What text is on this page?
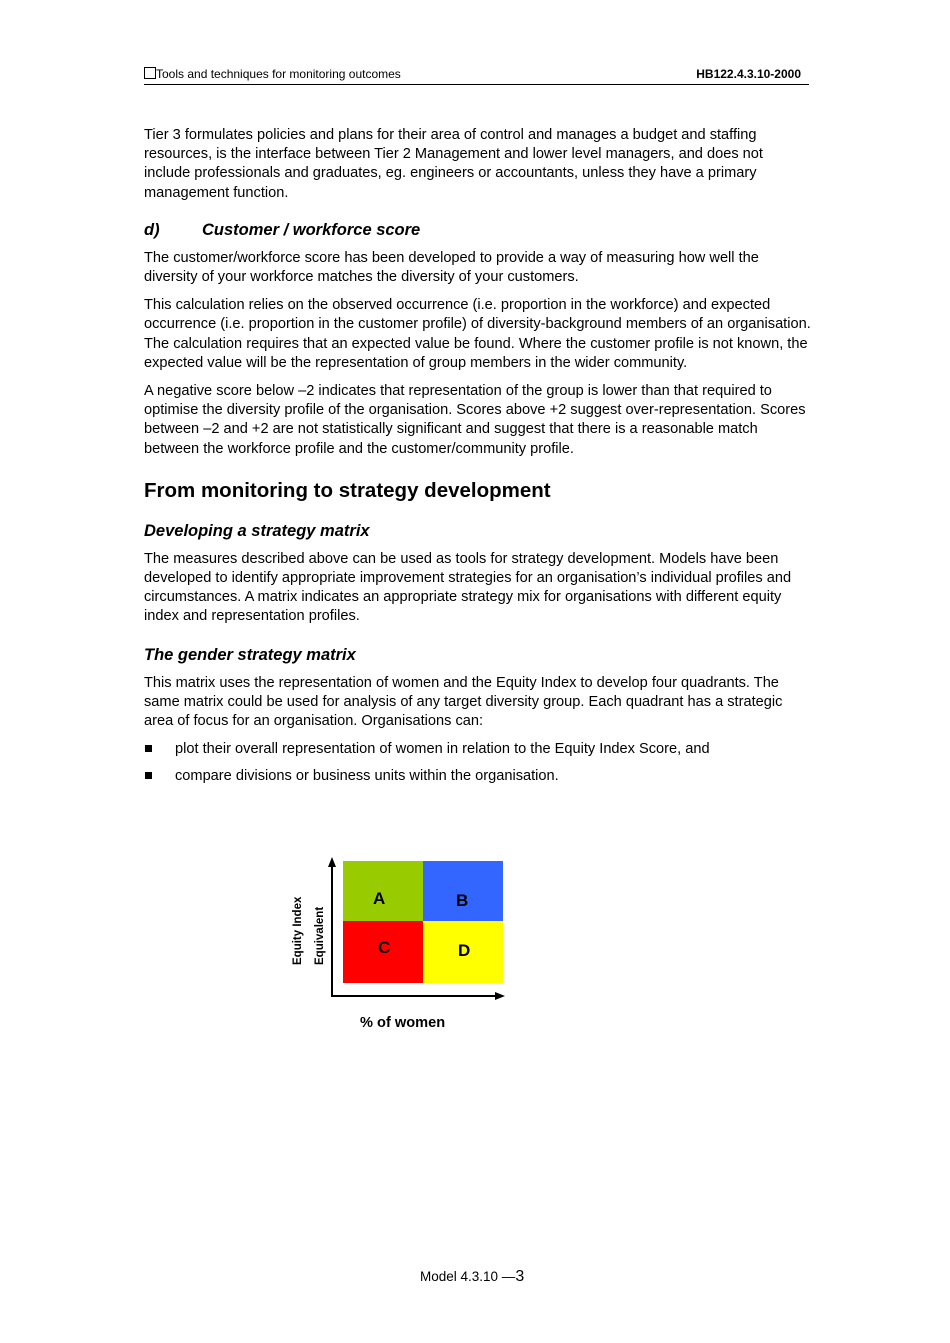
Tools and techniques for monitoring outcomes	HB122.4.3.10-2000

Tier 3 formulates policies and plans for their area of control and manages a budget and staffing resources, is the interface between Tier 2 Management and lower level managers, and does not include professionals and graduates, eg. engineers or accountants, unless they have a primary management function.

d)	Customer / workforce score

The customer/workforce score has been developed to provide a way of measuring how well the diversity of your workforce matches the diversity of your customers.

This calculation relies on the observed occurrence (i.e. proportion in the workforce) and expected occurrence (i.e. proportion in the customer profile) of diversity-background members of an organisation. The calculation requires that an expected value be found. Where the customer profile is not known, the expected value will be the representation of group members in the wider community.

A negative score below –2 indicates that representation of the group is lower than that required to optimise the diversity profile of the organisation. Scores above +2 suggest over-representation. Scores between –2 and +2 are not statistically significant and suggest that there is a reasonable match between the workforce profile and the customer/community profile.

From monitoring to strategy development
Developing a strategy matrix

The measures described above can be used as tools for strategy development. Models have been developed to identify appropriate improvement strategies for an organisation’s individual profiles and circumstances. A matrix indicates an appropriate strategy mix for organisations with different equity index and representation profiles.

The gender strategy matrix

This matrix uses the representation of women and the Equity Index to develop four quadrants. The same matrix could be used for analysis of any target diversity group. Each quadrant has a strategic area of focus for an organisation. Organisations can:

plot their overall representation of women in relation to the Equity Index Score, and
compare divisions or business units within the organisation.
A	B
C	D
Equity Index Equivalent
% of women
Model 4.3.10 —3
